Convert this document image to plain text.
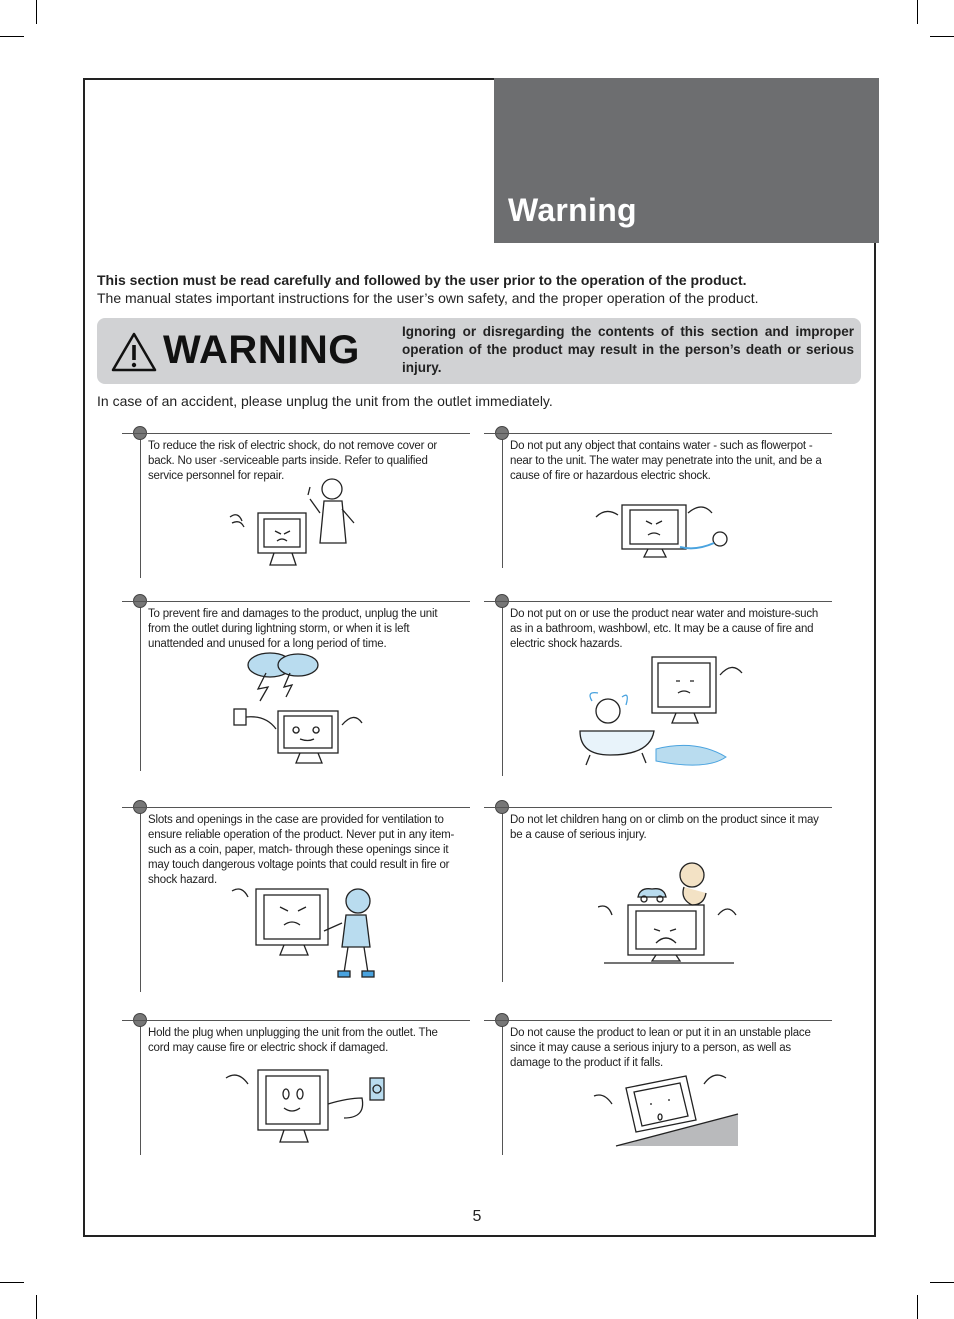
Warning
This section must be read carefully and followed by the user prior to the operation of the product.
The manual states important instructions for the user’s own safety, and the proper operation of the product.
WARNING	Ignoring or disregarding the contents of this section and improper operation of the product may result in the person’s death or serious injury.
In case of an accident, please unplug the unit from the outlet immediately.

To reduce the risk of electric shock, do not remove cover or back. No user -serviceable parts inside. Refer to qualified service personnel for repair.

Do not put any object that contains water - such as flowerpot - near to the unit. The water may penetrate into the unit, and be a cause of fire or hazardous electric shock.

To prevent fire and damages to the product, unplug the unit from the outlet during lightning storm, or when it is left unattended and unused for a long period of time.

Do not put on or use the product near water and moisture-such as in a bathroom, washbowl, etc. It may be a cause of fire and electric shock hazards.

Slots and openings in the case are provided for ventilation to ensure reliable operation of the product. Never put in any item-such as a coin, paper, match- through these openings since it may touch dangerous voltage points that could result in fire or shock hazard.

Do not let children hang on or climb on the product since it may be a cause of serious injury.

Hold the plug when unplugging the unit from the outlet. The cord may cause fire or electric shock if damaged.

Do not cause the product to lean or put it in an unstable place since it may cause a serious injury to a person, as well as damage to the product if it falls.

5
